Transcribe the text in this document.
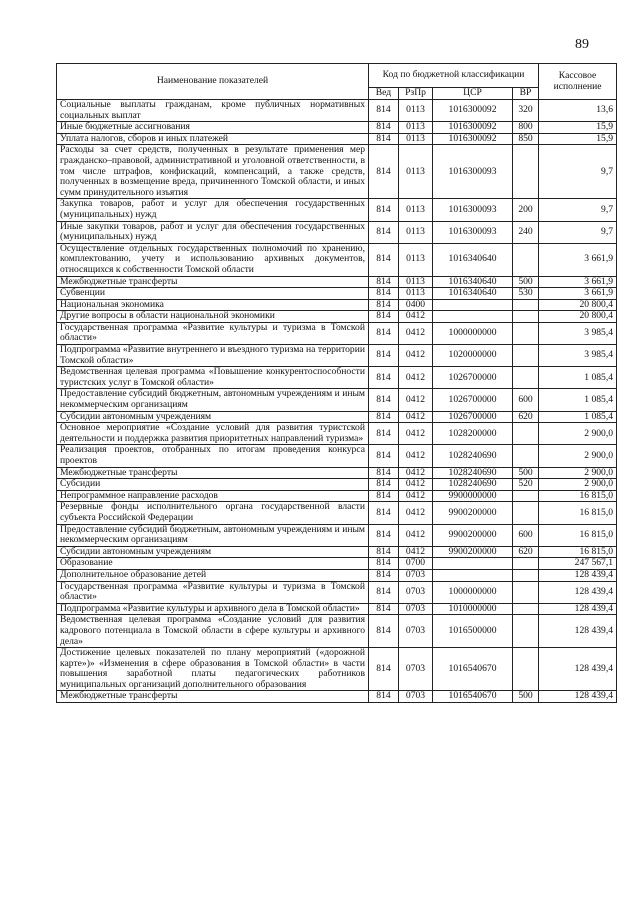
89
Наименование показателей	Код по бюджетной классификации				Кассовое исполнение
	Вед	РзПр	ЦСР	ВР	
Социальные выплаты гражданам, кроме публичных нормативных социальных выплат	814	0113	1016300092	320	13,6
Иные бюджетные ассигнования	814	0113	1016300092	800	15,9
Уплата налогов, сборов и иных платежей	814	0113	1016300092	850	15,9
Расходы за счет средств, полученных в результате применения мер гражданско–правовой, административной и уголовной ответственности, в том числе штрафов, конфискаций, компенсаций, а также средств, полученных в возмещение вреда, причиненного Томской области, и иных сумм принудительного изъятия	814	0113	1016300093		9,7
Закупка товаров, работ и услуг для обеспечения государственных (муниципальных) нужд	814	0113	1016300093	200	9,7
Иные закупки товаров, работ и услуг для обеспечения государственных (муниципальных) нужд	814	0113	1016300093	240	9,7
Осуществление отдельных государственных полномочий по хранению, комплектованию, учету и использованию архивных документов, относящихся к собственности Томской области	814	0113	1016340640		3 661,9
Межбюджетные трансферты	814	0113	1016340640	500	3 661,9
Субвенции	814	0113	1016340640	530	3 661,9
Национальная экономика	814	0400			20 800,4
Другие вопросы в области национальной экономики	814	0412			20 800,4
Государственная программа «Развитие культуры и туризма в Томской области»	814	0412	1000000000		3 985,4
Подпрограмма «Развитие внутреннего и въездного туризма на территории Томской области»	814	0412	1020000000		3 985,4
Ведомственная целевая программа «Повышение конкурентоспособности туристских услуг в Томской области»	814	0412	1026700000		1 085,4
Предоставление субсидий бюджетным, автономным учреждениям и иным некоммерческим организациям	814	0412	1026700000	600	1 085,4
Субсидии автономным учреждениям	814	0412	1026700000	620	1 085,4
Основное мероприятие «Создание условий для развития туристской деятельности и поддержка развития приоритетных направлений туризма»	814	0412	1028200000		2 900,0
Реализация проектов, отобранных по итогам проведения конкурса проектов	814	0412	1028240690		2 900,0
Межбюджетные трансферты	814	0412	1028240690	500	2 900,0
Субсидии	814	0412	1028240690	520	2 900,0
Непрограммное направление расходов	814	0412	9900000000		16 815,0
Резервные фонды исполнительного органа государственной власти субъекта Российской Федерации	814	0412	9900200000		16 815,0
Предоставление субсидий бюджетным, автономным учреждениям и иным некоммерческим организациям	814	0412	9900200000	600	16 815,0
Субсидии автономным учреждениям	814	0412	9900200000	620	16 815,0
Образование	814	0700			247 567,1
Дополнительное образование детей	814	0703			128 439,4
Государственная программа «Развитие культуры и туризма в Томской области»	814	0703	1000000000		128 439,4
Подпрограмма «Развитие культуры и архивного дела в Томской области»	814	0703	1010000000		128 439,4
Ведомственная целевая программа «Создание условий для развития кадрового потенциала в Томской области в сфере культуры и архивного дела»	814	0703	1016500000		128 439,4
Достижение целевых показателей по плану мероприятий («дорожной карте»)» «Изменения в сфере образования в Томской области» в части повышения заработной платы педагогических работников муниципальных организаций дополнительного образования	814	0703	1016540670		128 439,4
Межбюджетные трансферты	814	0703	1016540670	500	128 439,4
